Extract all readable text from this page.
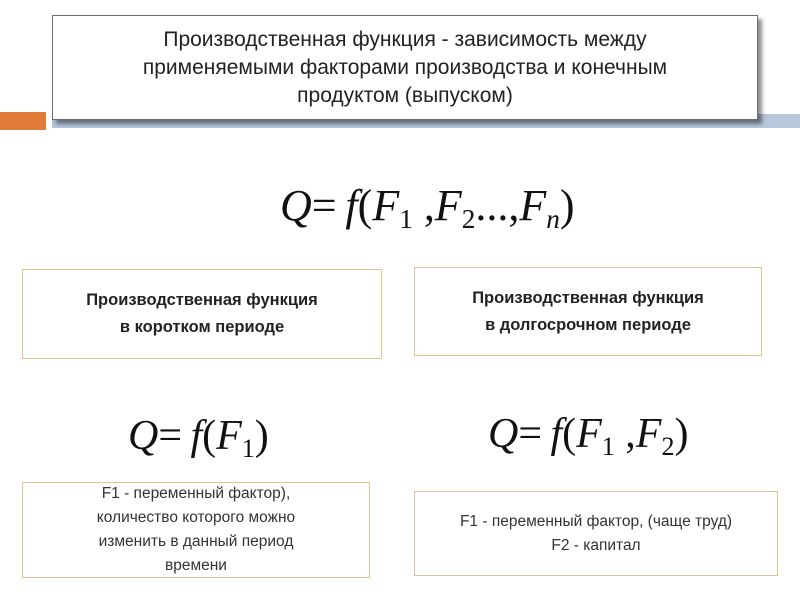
Производственная функция - зависимость между
применяемыми факторами производства и конечным
продуктом (выпуском)
$Q= f(F_1$ $,F_2...,F_n$)
Производственная функция
в коротком периоде
Производственная функция
в долгосрочном периоде
$Q= f(F_1)$	$Q= f(F_1$ $,F_2$)
F1 - переменный фактор),
количество которого можно
изменить в данный период
времени
F1 - переменный фактор, (чаще труд)
F2 - капитал
